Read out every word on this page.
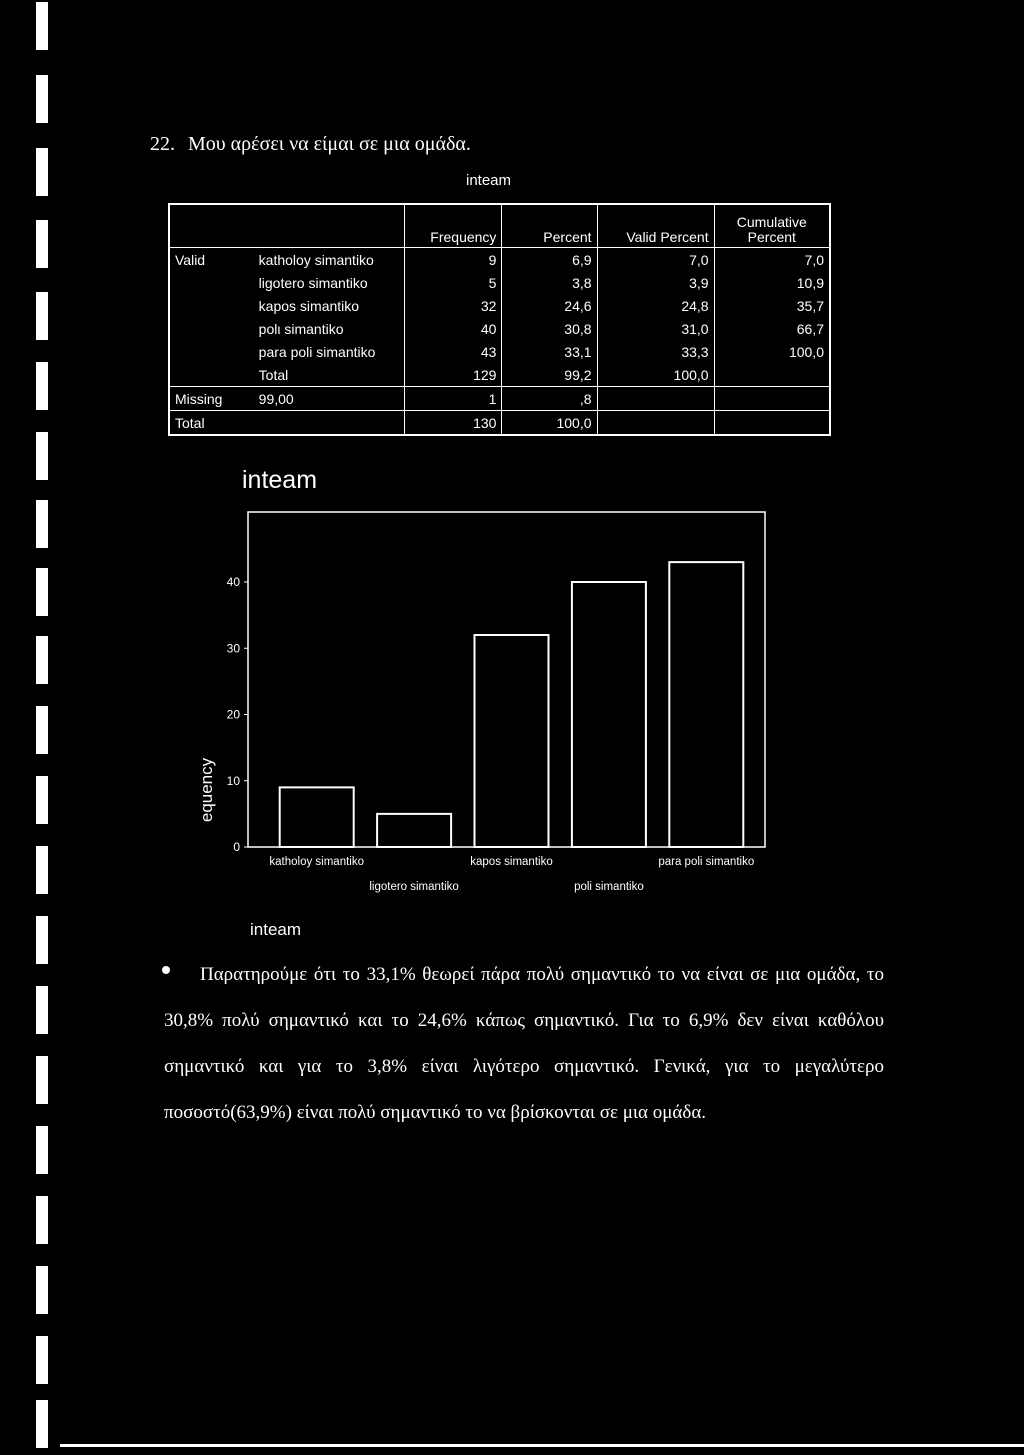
22. Μου αρέσει να είμαι σε μια ομάδα.
inteam
		Frequency	Percent	Valid Percent	Cumulative
Percent
Valid	katholoy simantiko	9	6,9	7,0	7,0
	ligotero simantiko	5	3,8	3,9	10,9
	kapos simantiko	32	24,6	24,8	35,7
	polι simantiko	40	30,8	31,0	66,7
	para poli simantiko	43	33,1	33,3	100,0
	Total	129	99,2	100,0	
Missing	99,00	1	,8		
Total		130	100,0		
inteam
0
10
20
30
40
equency
katholoy simantiko
ligotero simantiko
kapos simantiko
poli simantiko
para poli simantiko
inteam

Παρατηρούμε ότι το 33,1% θεωρεί πάρα πολύ σημαντικό το να είναι σε μια ομάδα, το 30,8% πολύ σημαντικό και το 24,6% κάπως σημαντικό. Για το 6,9% δεν είναι καθόλου σημαντικό και για το 3,8% είναι λιγότερο σημαντικό. Γενικά, για το μεγαλύτερο ποσοστό(63,9%) είναι πολύ σημαντικό το να βρίσκονται σε μια ομάδα.
